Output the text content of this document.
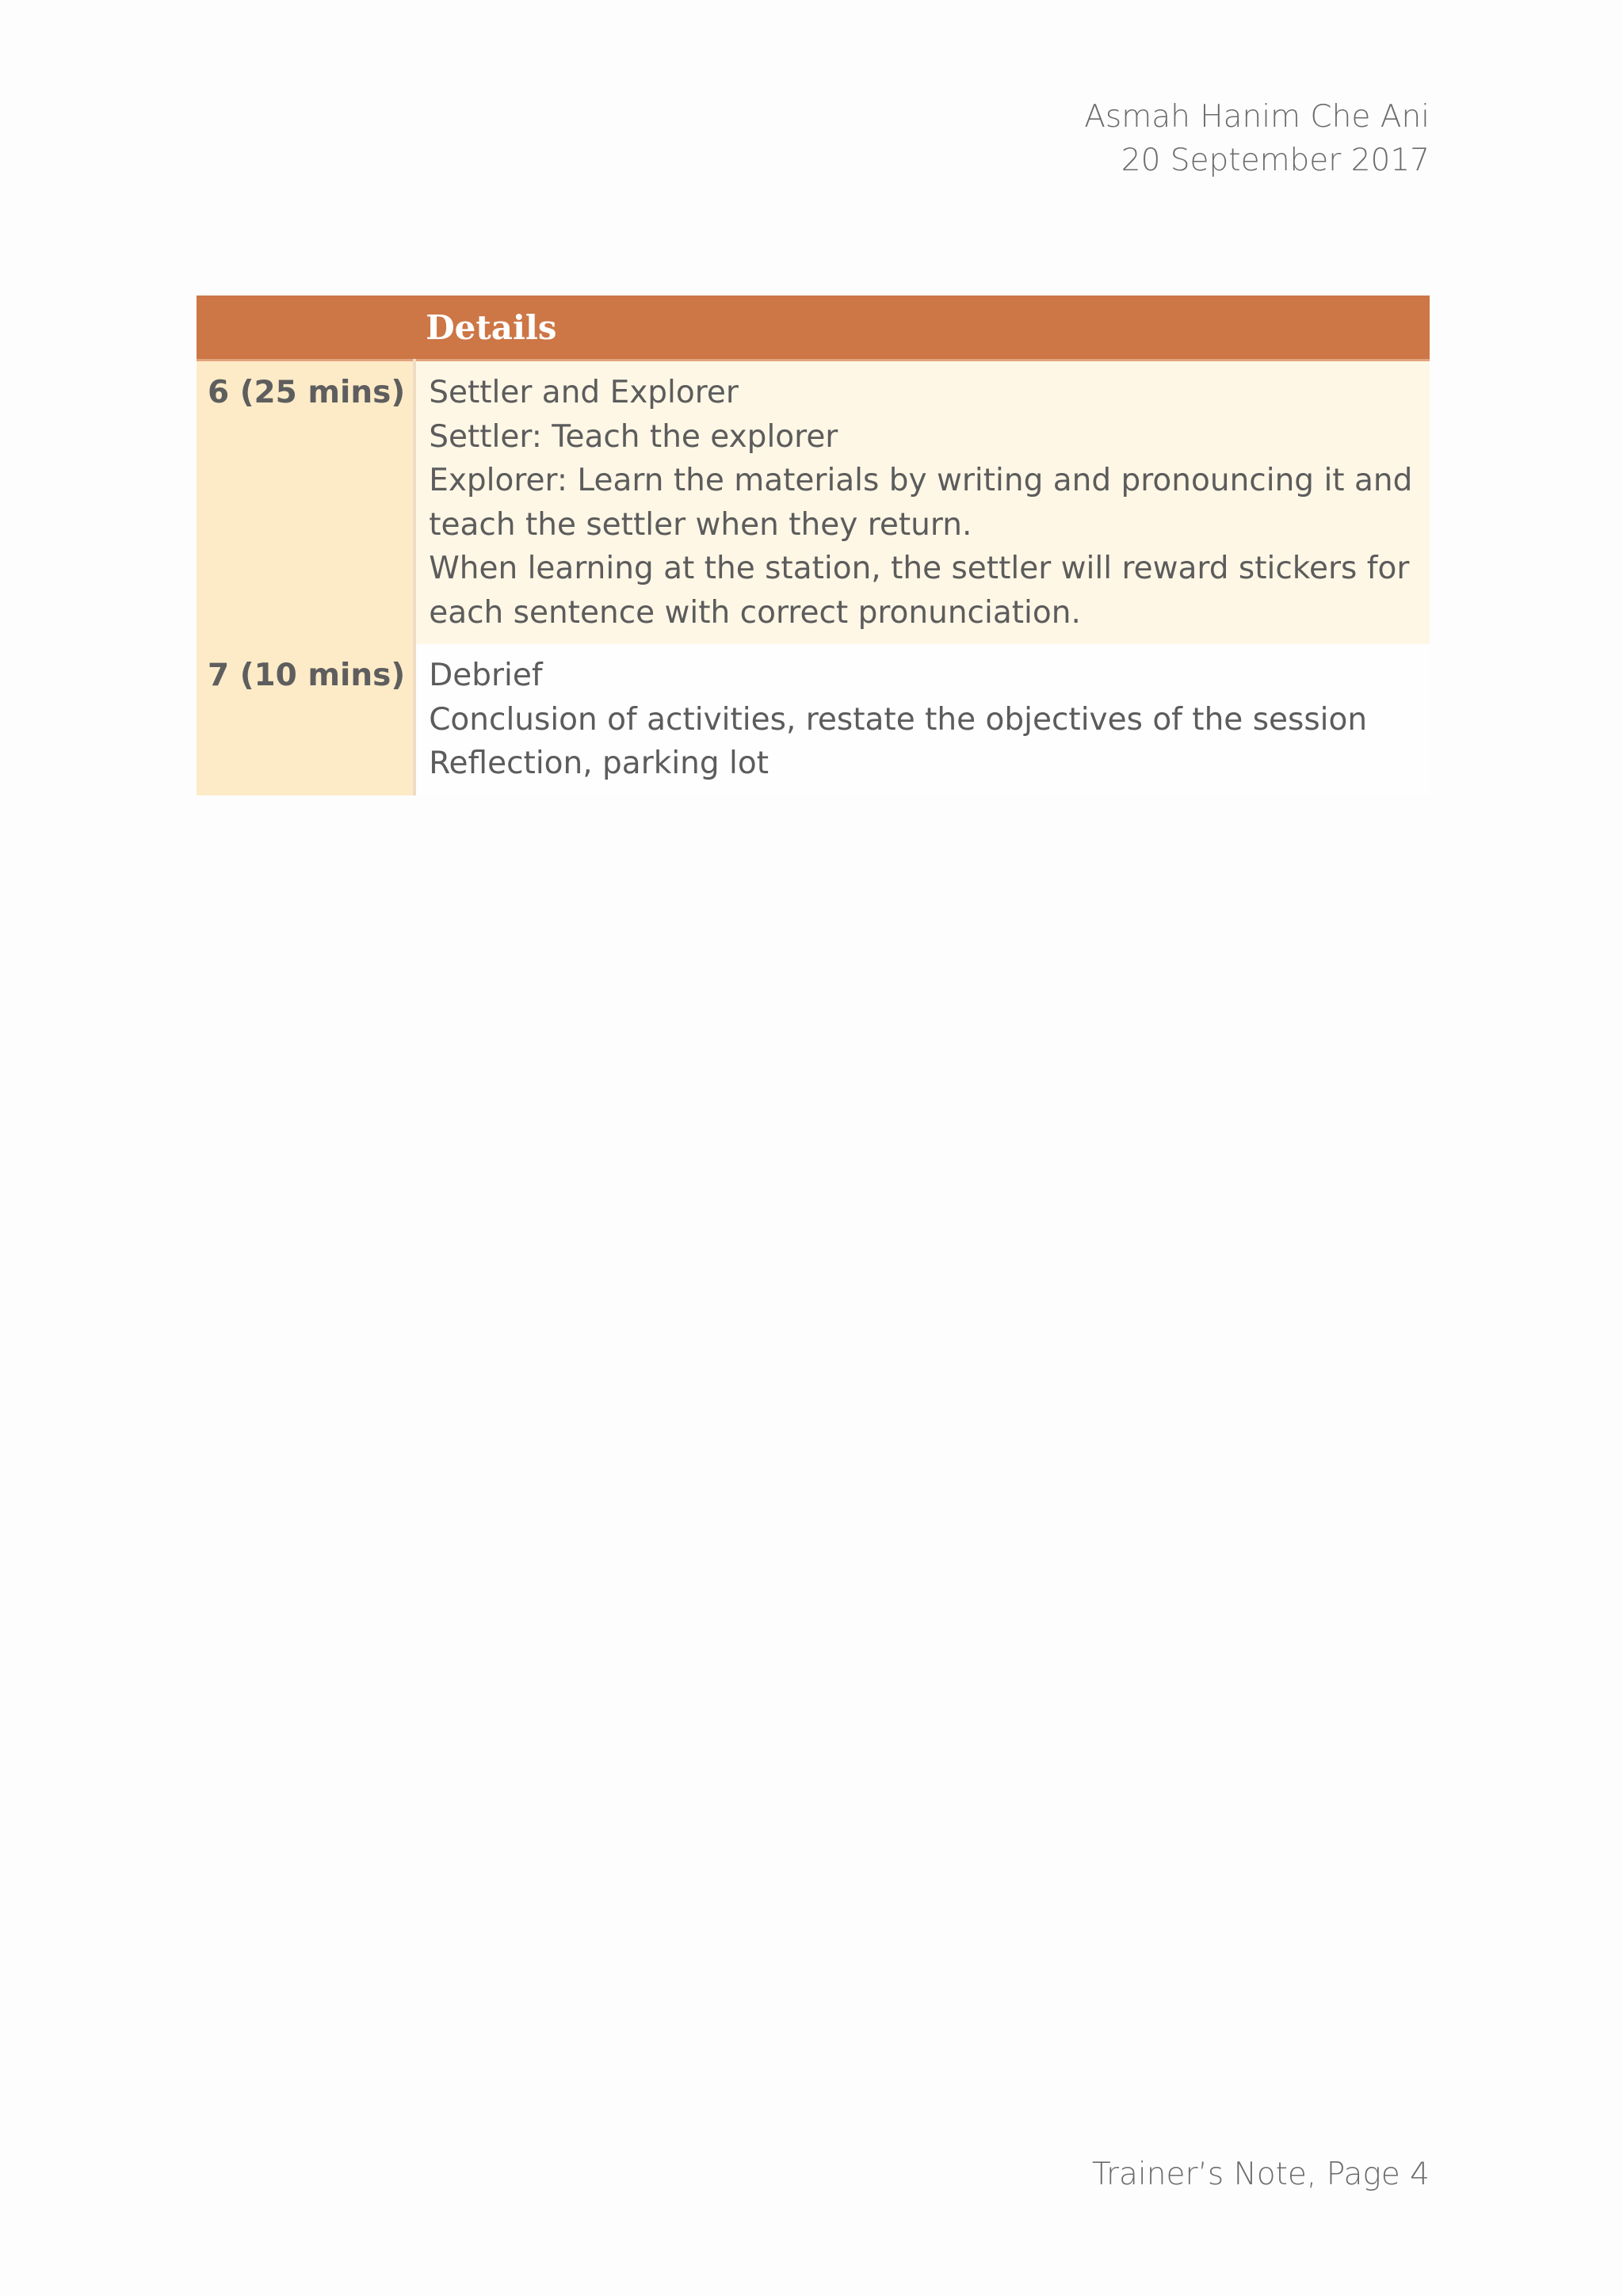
Asmah Hanim Che Ani
20 September 2017
	Details
6 (25 mins)	Settler and Explorer
Settler: Teach the explorer
Explorer: Learn the materials by writing and pronouncing it and teach the settler when they return.
When learning at the station, the settler will reward stickers for each sentence with correct pronunciation.

7 (10 mins)	Debrief
Conclusion of activities, restate the objectives of the session
Reflection, parking lot
Trainer’s Note, Page 4
